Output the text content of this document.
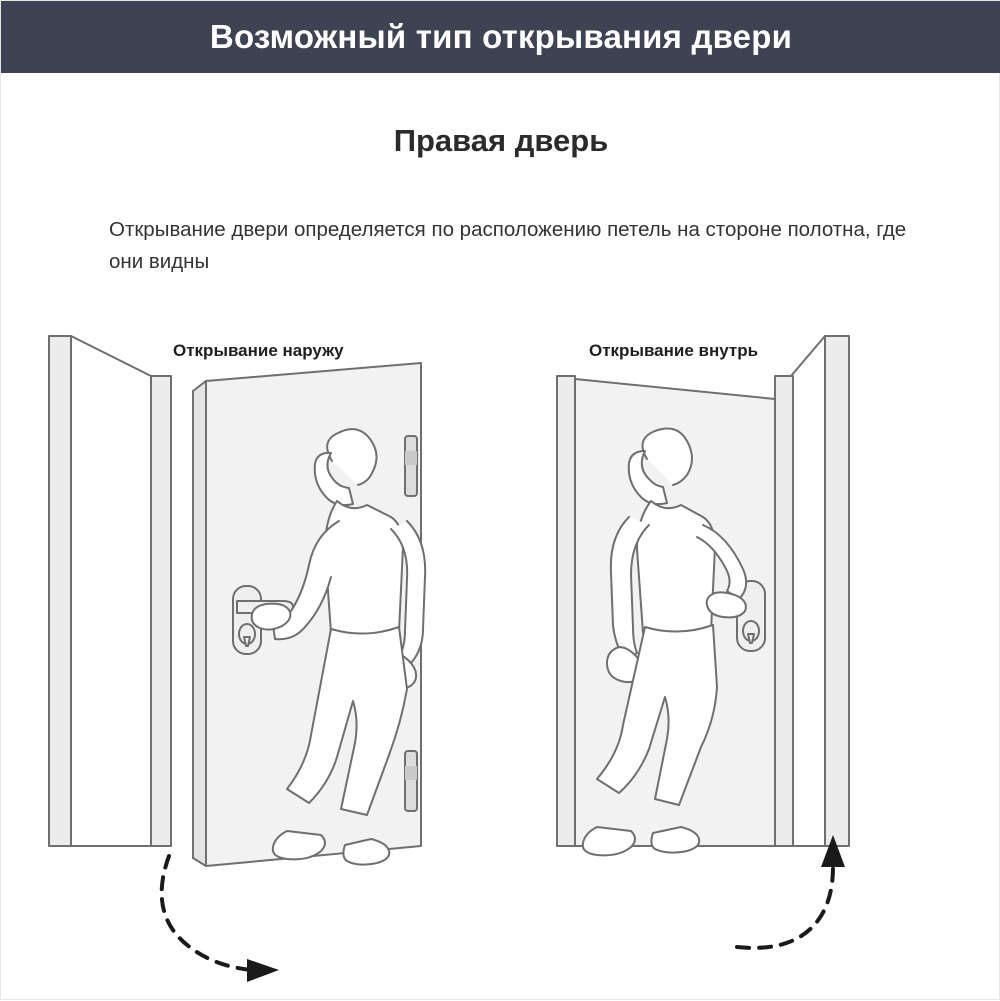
Возможный тип открывания двери
Правая дверь
Открывание двери определяется по расположению петель на стороне полотна, где они видны
Открывание наружу	Открывание внутрь
